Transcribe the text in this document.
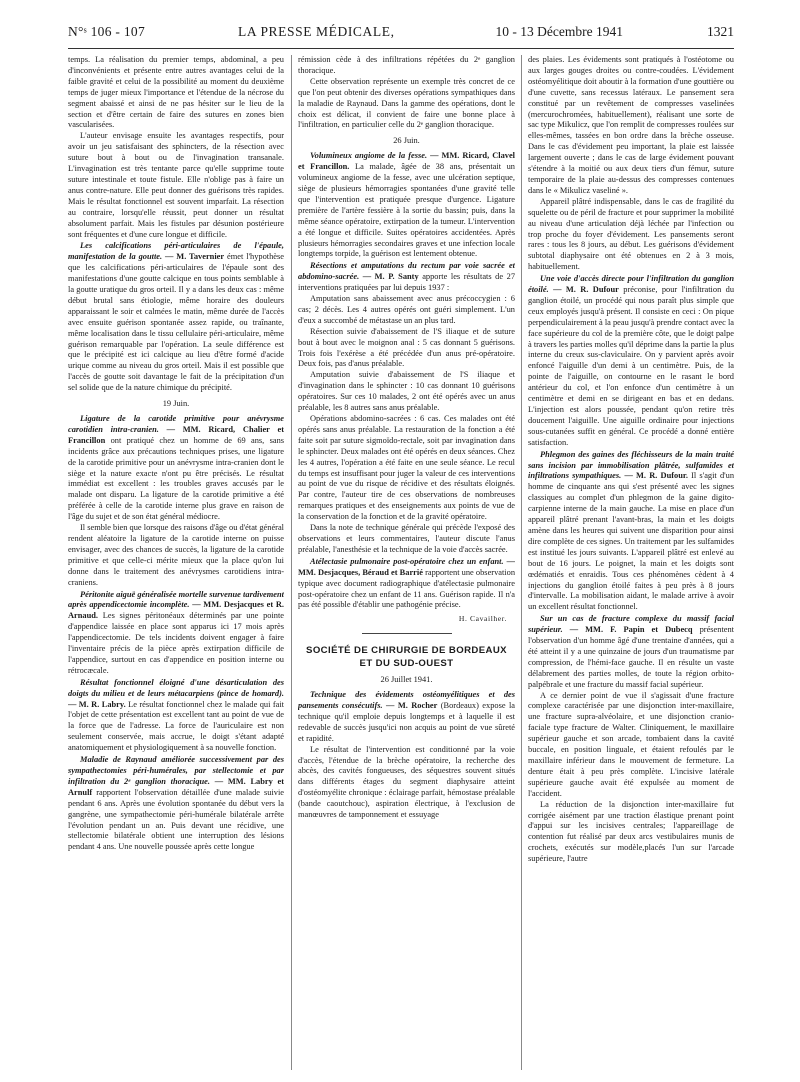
N°ˢ 106 - 107	LA PRESSE MÉDICALE,	10 - 13 Décembre 1941	1321

temps. La réalisation du premier temps, abdominal, a peu d'inconvénients et présente entre autres avantages celui de la faible gravité et celui de la possibilité au moment du deuxième temps de juger mieux l'importance et l'étendue de la nécrose du segment abaissé et ainsi de ne pas hésiter sur le lieu de la section et d'être certain de faire des sutures en zones bien vascularisées.

L'auteur envisage ensuite les avantages respectifs, pour avoir un jeu satisfaisant des sphincters, de la résection avec suture bout à bout ou de l'invagination transanale. L'invagination est très tentante parce qu'elle supprime toute suture intestinale et toute fistule. Elle n'oblige pas à faire un anus contre-nature. Elle peut donner des guérisons très rapides. Mais le résultat fonctionnel est souvent imparfait. La résection au contraire, lorsqu'elle réussit, peut donner un résultat absolument parfait. Mais les fistules par désunion postérieure sont fréquentes et d'une cure longue et difficile.

Les calcifications péri-articulaires de l'épaule, manifestation de la goutte. — M. Tavernier émet l'hypothèse que les calcifications péri-articulaires de l'épaule sont des manifestations d'une goutte calcique en tous points semblable à la goutte uratique du gros orteil. Il y a dans les deux cas : même début brutal sans étiologie, même horaire des douleurs apparaissant le soir et calmées le matin, même durée de l'accès avec ensuite guérison spontanée assez rapide, ou traînante, même localisation dans le tissu cellulaire péri-articulaire, même guérison remarquable par l'opération. La seule différence est que le précipité est ici calcique au lieu d'être formé d'acide urique comme au niveau du gros orteil. Mais il est possible que l'accès de goutte soit davantage le fait de la précipitation d'un sel solide que de la nature chimique du précipité.

19 Juin.

Ligature de la carotide primitive pour anévrysme carotidien intra-cranien. — MM. Ricard, Chalier et Francillon ont pratiqué chez un homme de 69 ans, sans incidents grâce aux précautions techniques prises, une ligature de la carotide primitive pour un anévrysme intra-cranien dont le siège et la nature exacte n'ont pu être précisés. Le résultat immédiat est excellent : les troubles graves accusés par le malade ont disparu. La ligature de la carotide primitive a été préférée à celle de la carotide interne plus grave en raison de l'âge du sujet et de son état général médiocre.

Il semble bien que lorsque des raisons d'âge ou d'état général rendent aléatoire la ligature de la carotide interne on puisse envisager, avec des chances de succès, la ligature de la carotide primitive et que celle-ci mérite mieux que la place qu'on lui donne dans le traitement des anévrysmes carotidiens intra-craniens.

Péritonite aiguë généralisée mortelle survenue tardivement après appendicectomie incomplète. — MM. Desjacques et R. Arnaud. Les signes péritonéaux déterminés par une pointe d'appendice laissée en place sont apparus ici 17 mois après l'appendicectomie. De tels incidents doivent engager à faire l'inventaire précis de la pièce après extirpation difficile de l'appendice, surtout en cas d'appendice en position interne ou rétrocæcale.

Résultat fonctionnel éloigné d'une désarticulation des doigts du milieu et de leurs métacarpiens (pince de homard). — M. R. Labry. Le résultat fonctionnel chez le malade qui fait l'objet de cette présentation est excellent tant au point de vue de la force que de l'adresse. La force de l'auriculaire est non seulement conservée, mais accrue, le doigt s'étant adapté anatomiquement et physiologiquement à sa nouvelle fonction.

Maladie de Raynaud améliorée successivement par des sympathectomies péri-humérales, par stellectomie et par infiltration du 2ᵉ ganglion thoracique. — MM. Labry et Arnulf rapportent l'observation détaillée d'une malade suivie pendant 6 ans. Après une évolution spontanée du début vers la gangrène, une sympathectomie péri-humérale bilatérale arrête l'évolution pendant un an. Puis devant une récidive, une stellectomie bilatérale obtient une interruption des lésions pendant 4 ans. Une nouvelle poussée après cette longue

rémission cède à des infiltrations répétées du 2ᵉ ganglion thoracique.

Cette observation représente un exemple très concret de ce que l'on peut obtenir des diverses opérations sympathiques dans la maladie de Raynaud. Dans la gamme des opérations, dont le choix est délicat, il convient de faire une bonne place à l'infiltration, en particulier celle du 2ᵉ ganglion thoracique.

26 Juin.

Volumineux angiome de la fesse. — MM. Ricard, Clavel et Francillon. La malade, âgée de 38 ans, présentait un volumineux angiome de la fesse, avec une ulcération septique, siège de plusieurs hémorragies spontanées d'une gravité telle que l'intervention est pratiquée presque d'urgence. Ligature première de l'artère fessière à la sortie du bassin; puis, dans la même séance opératoire, extirpation de la tumeur. L'intervention a été longue et difficile. Suites opératoires accidentées. Après plusieurs hémorragies secondaires graves et une infection locale longtemps torpide, la guérison est lentement obtenue.

Résections et amputations du rectum par voie sacrée et abdomino-sacrée. — M. P. Santy apporte les résultats de 27 interventions pratiquées par lui depuis 1937 :

Amputation sans abaissement avec anus précoccygien : 6 cas; 2 décès. Les 4 autres opérés ont guéri simplement. L'un d'eux a succombé de métastase un an plus tard.

Résection suivie d'abaissement de l'S iliaque et de suture bout à bout avec le moignon anal : 5 cas donnant 5 guérisons. Trois fois l'exérèse a été précédée d'un anus pré-opératoire. Deux fois, pas d'anus préalable.

Amputation suivie d'abaissement de l'S iliaque et d'invagination dans le sphincter : 10 cas donnant 10 guérisons opératoires. Sur ces 10 malades, 2 ont été opérés avec un anus préalable, les 8 autres sans anus préalable.

Opérations abdomino-sacrées : 6 cas. Ces malades ont été opérés sans anus préalable. La restauration de la fonction a été faite soit par suture sigmoïdo-rectale, soit par invagination dans le sphincter. Deux malades ont été opérés en deux séances. Chez les 4 autres, l'opération a été faite en une seule séance. Le recul du temps est insuffisant pour juger la valeur de ces interventions au point de vue du risque de récidive et des résultats éloignés. Par contre, l'auteur tire de ces observations de nombreuses remarques pratiques et des enseignements aux points de vue de la conservation de la fonction et de la gravité opératoire.

Dans la note de technique générale qui précède l'exposé des observations et leurs commentaires, l'auteur discute l'anus préalable, l'anesthésie et la technique de la voie d'accès sacrée.

Atélectasie pulmonaire post-opératoire chez un enfant. — MM. Desjacques, Béraud et Barrié rapportent une observation typique avec document radiographique d'atélectasie pulmonaire post-opératoire chez un enfant de 11 ans. Guérison rapide. Il n'a pas été possible d'établir une pathogénie précise.

H. Cavailher.

SOCIÉTÉ DE CHIRURGIE DE BORDEAUX
ET DU SUD-OUEST

26 Juillet 1941.

Technique des évidements ostéomyélitiques et des pansements consécutifs. — M. Rocher (Bordeaux) expose la technique qu'il emploie depuis longtemps et à laquelle il est redevable de succès jusqu'ici non acquis au point de vue sûreté et rapidité.

Le résultat de l'intervention est conditionné par la voie d'accès, l'étendue de la brèche opératoire, la recherche des abcès, des cavités fongueuses, des séquestres souvent situés dans différents étages du segment diaphysaire atteint d'ostéomyélite chronique : éclairage parfait, hémostase préalable (bande caoutchouc), aspiration électrique, à l'exclusion de manœuvres de tamponnement et essuyage

des plaies. Les évidements sont pratiqués à l'ostéotome ou aux larges gouges droites ou contre-coudées. L'évidement ostéomyélitique doit aboutir à la formation d'une gouttière ou d'une cuvette, sans recessus latéraux. Le pansement sera constitué par un revêtement de compresses vaselinées (mercurochromées, habituellement), réalisant une sorte de sac type Mikulicz, que l'on remplit de compresses roulées sur elles-mêmes, tassées en bon ordre dans la brèche osseuse. Dans le cas d'évidement peu important, la plaie est laissée largement ouverte ; dans le cas de large évidement pouvant s'étendre à la moitié ou aux deux tiers d'un fémur, suture temporaire de la plaie au-dessus des compresses contenues dans le « Mikulicz vaseliné ».

Appareil plâtré indispensable, dans le cas de fragilité du squelette ou de péril de fracture et pour supprimer la mobilité au niveau d'une articulation déjà léchée par l'infection ou trop proche du foyer d'évidement. Les pansements seront rares : tous les 8 jours, au début. Les guérisons d'évidement subtotal diaphysaire ont été obtenues en 2 à 3 mois, habituellement.

Une voie d'accès directe pour l'infiltration du ganglion étoilé. — M. R. Dufour préconise, pour l'infiltration du ganglion étoilé, un procédé qui nous paraît plus simple que ceux employés jusqu'à présent. Il consiste en ceci : On pique perpendiculairement à la peau jusqu'à prendre contact avec la face supérieure du col de la première côte, que le doigt palpe à travers les parties molles qu'il déprime dans la partie la plus interne du creux sus-claviculaire. On y parvient après avoir enfoncé l'aiguille d'un demi à un centimètre. Puis, de la pointe de l'aiguille, on contourne en le rasant le bord antérieur du col, et l'on enfonce d'un centimètre à un centimètre et demi en se dirigeant en bas et en dedans. L'injection est alors poussée, pendant qu'on retire très doucement l'aiguille. Une aiguille ordinaire pour injections sous-cutanées suffit en général. Ce procédé a donné entière satisfaction.

Phlegmon des gaines des fléchisseurs de la main traité sans incision par immobilisation plâtrée, sulfamides et infiltrations sympathiques. — M. R. Dufour. Il s'agit d'un homme de cinquante ans qui s'est présenté avec les signes classiques au complet d'un phlegmon de la gaine digito-carpienne interne de la main gauche. La mise en place d'un appareil plâtré prenant l'avant-bras, la main et les doigts amène dans les heures qui suivent une disparition pour ainsi dire complète de ces signes. Un traitement par les sulfamides est institué les jours suivants. L'appareil plâtré est enlevé au bout de 16 jours. Le poignet, la main et les doigts sont œdématiés et enraidis. Tous ces phénomènes cèdent à 4 injections du ganglion étoilé faites à peu près à 8 jours d'intervalle. La mobilisation aidant, le malade arrive à avoir un excellent résultat fonctionnel.

Sur un cas de fracture complexe du massif facial supérieur. — MM. F. Papin et Dubecq présentent l'observation d'un homme âgé d'une trentaine d'années, qui a été atteint il y a une quinzaine de jours d'un traumatisme par compression, de l'hémi-face gauche. Il en résulte un vaste délabrement des parties molles, de toute la région orbito-palpébrale et une fracture du massif facial supérieur.

A ce dernier point de vue il s'agissait d'une fracture complexe caractérisée par une disjonction inter-maxillaire, une fracture supra-alvéolaire, et une disjonction cranio-faciale type fracture de Walter. Cliniquement, le maxillaire supérieur gauche et son arcade, tombaient dans la cavité buccale, en position linguale, et étaient refoulés par le maxillaire inférieur dans le mouvement de fermeture. La denture était à peu près complète. L'incisive latérale supérieure gauche avait été expulsée au moment de l'accident.

La réduction de la disjonction inter-maxillaire fut corrigée aisément par une traction élastique prenant point d'appui sur les incisives centrales; l'appareillage de contention fut réalisé par deux arcs vestibulaires munis de crochets, exécutés sur modèle,placés l'un sur l'arcade supérieure, l'autre
